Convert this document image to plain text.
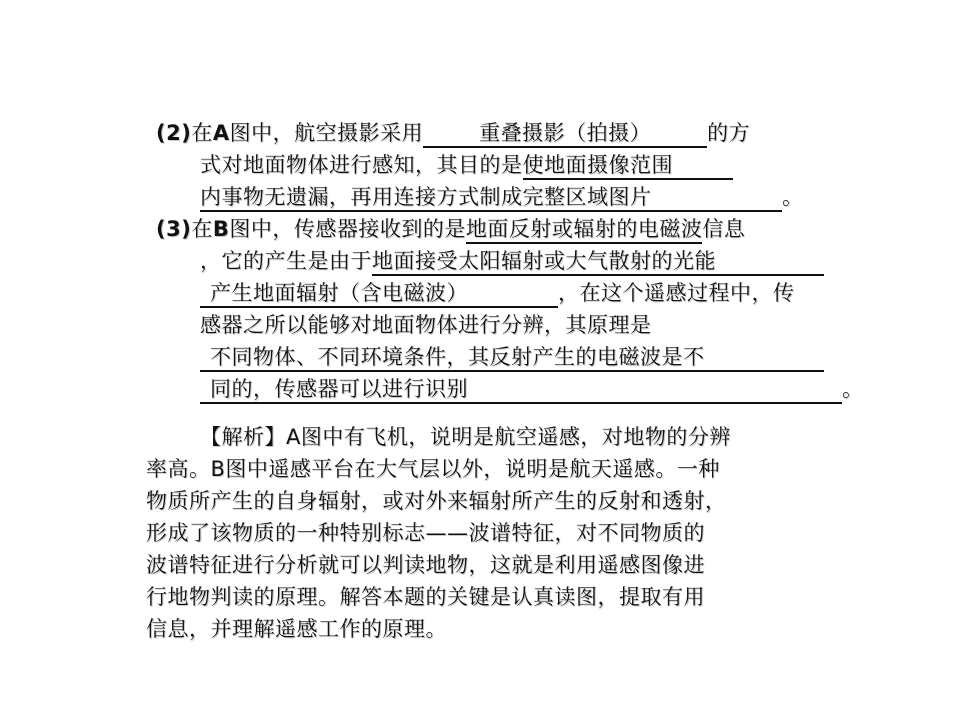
(2)在A图中，航空摄影采用	重叠摄影（拍摄）	的方
式对地面物体进行感知，其目的是使地面摄像范围
内事物无遗漏，再用连接方式制成完整区域图片	。
(3)在B图中，传感器接收到的是地面反射或辐射的电磁波信息
，它的产生是由于地面接受太阳辐射或大气散射的光能
产生地面辐射（含电磁波）	，在这个遥感过程中，传
感器之所以能够对地面物体进行分辨，其原理是
不同物体、不同环境条件，其反射产生的电磁波是不
同的，传感器可以进行识别	。
【解析】A图中有飞机，说明是航空遥感，对地物的分辨
率高。B图中遥感平台在大气层以外，说明是航天遥感。一种
物质所产生的自身辐射，或对外来辐射所产生的反射和透射，
形成了该物质的一种特别标志——波谱特征，对不同物质的
波谱特征进行分析就可以判读地物，这就是利用遥感图像进
行地物判读的原理。解答本题的关键是认真读图，提取有用
信息，并理解遥感工作的原理。
